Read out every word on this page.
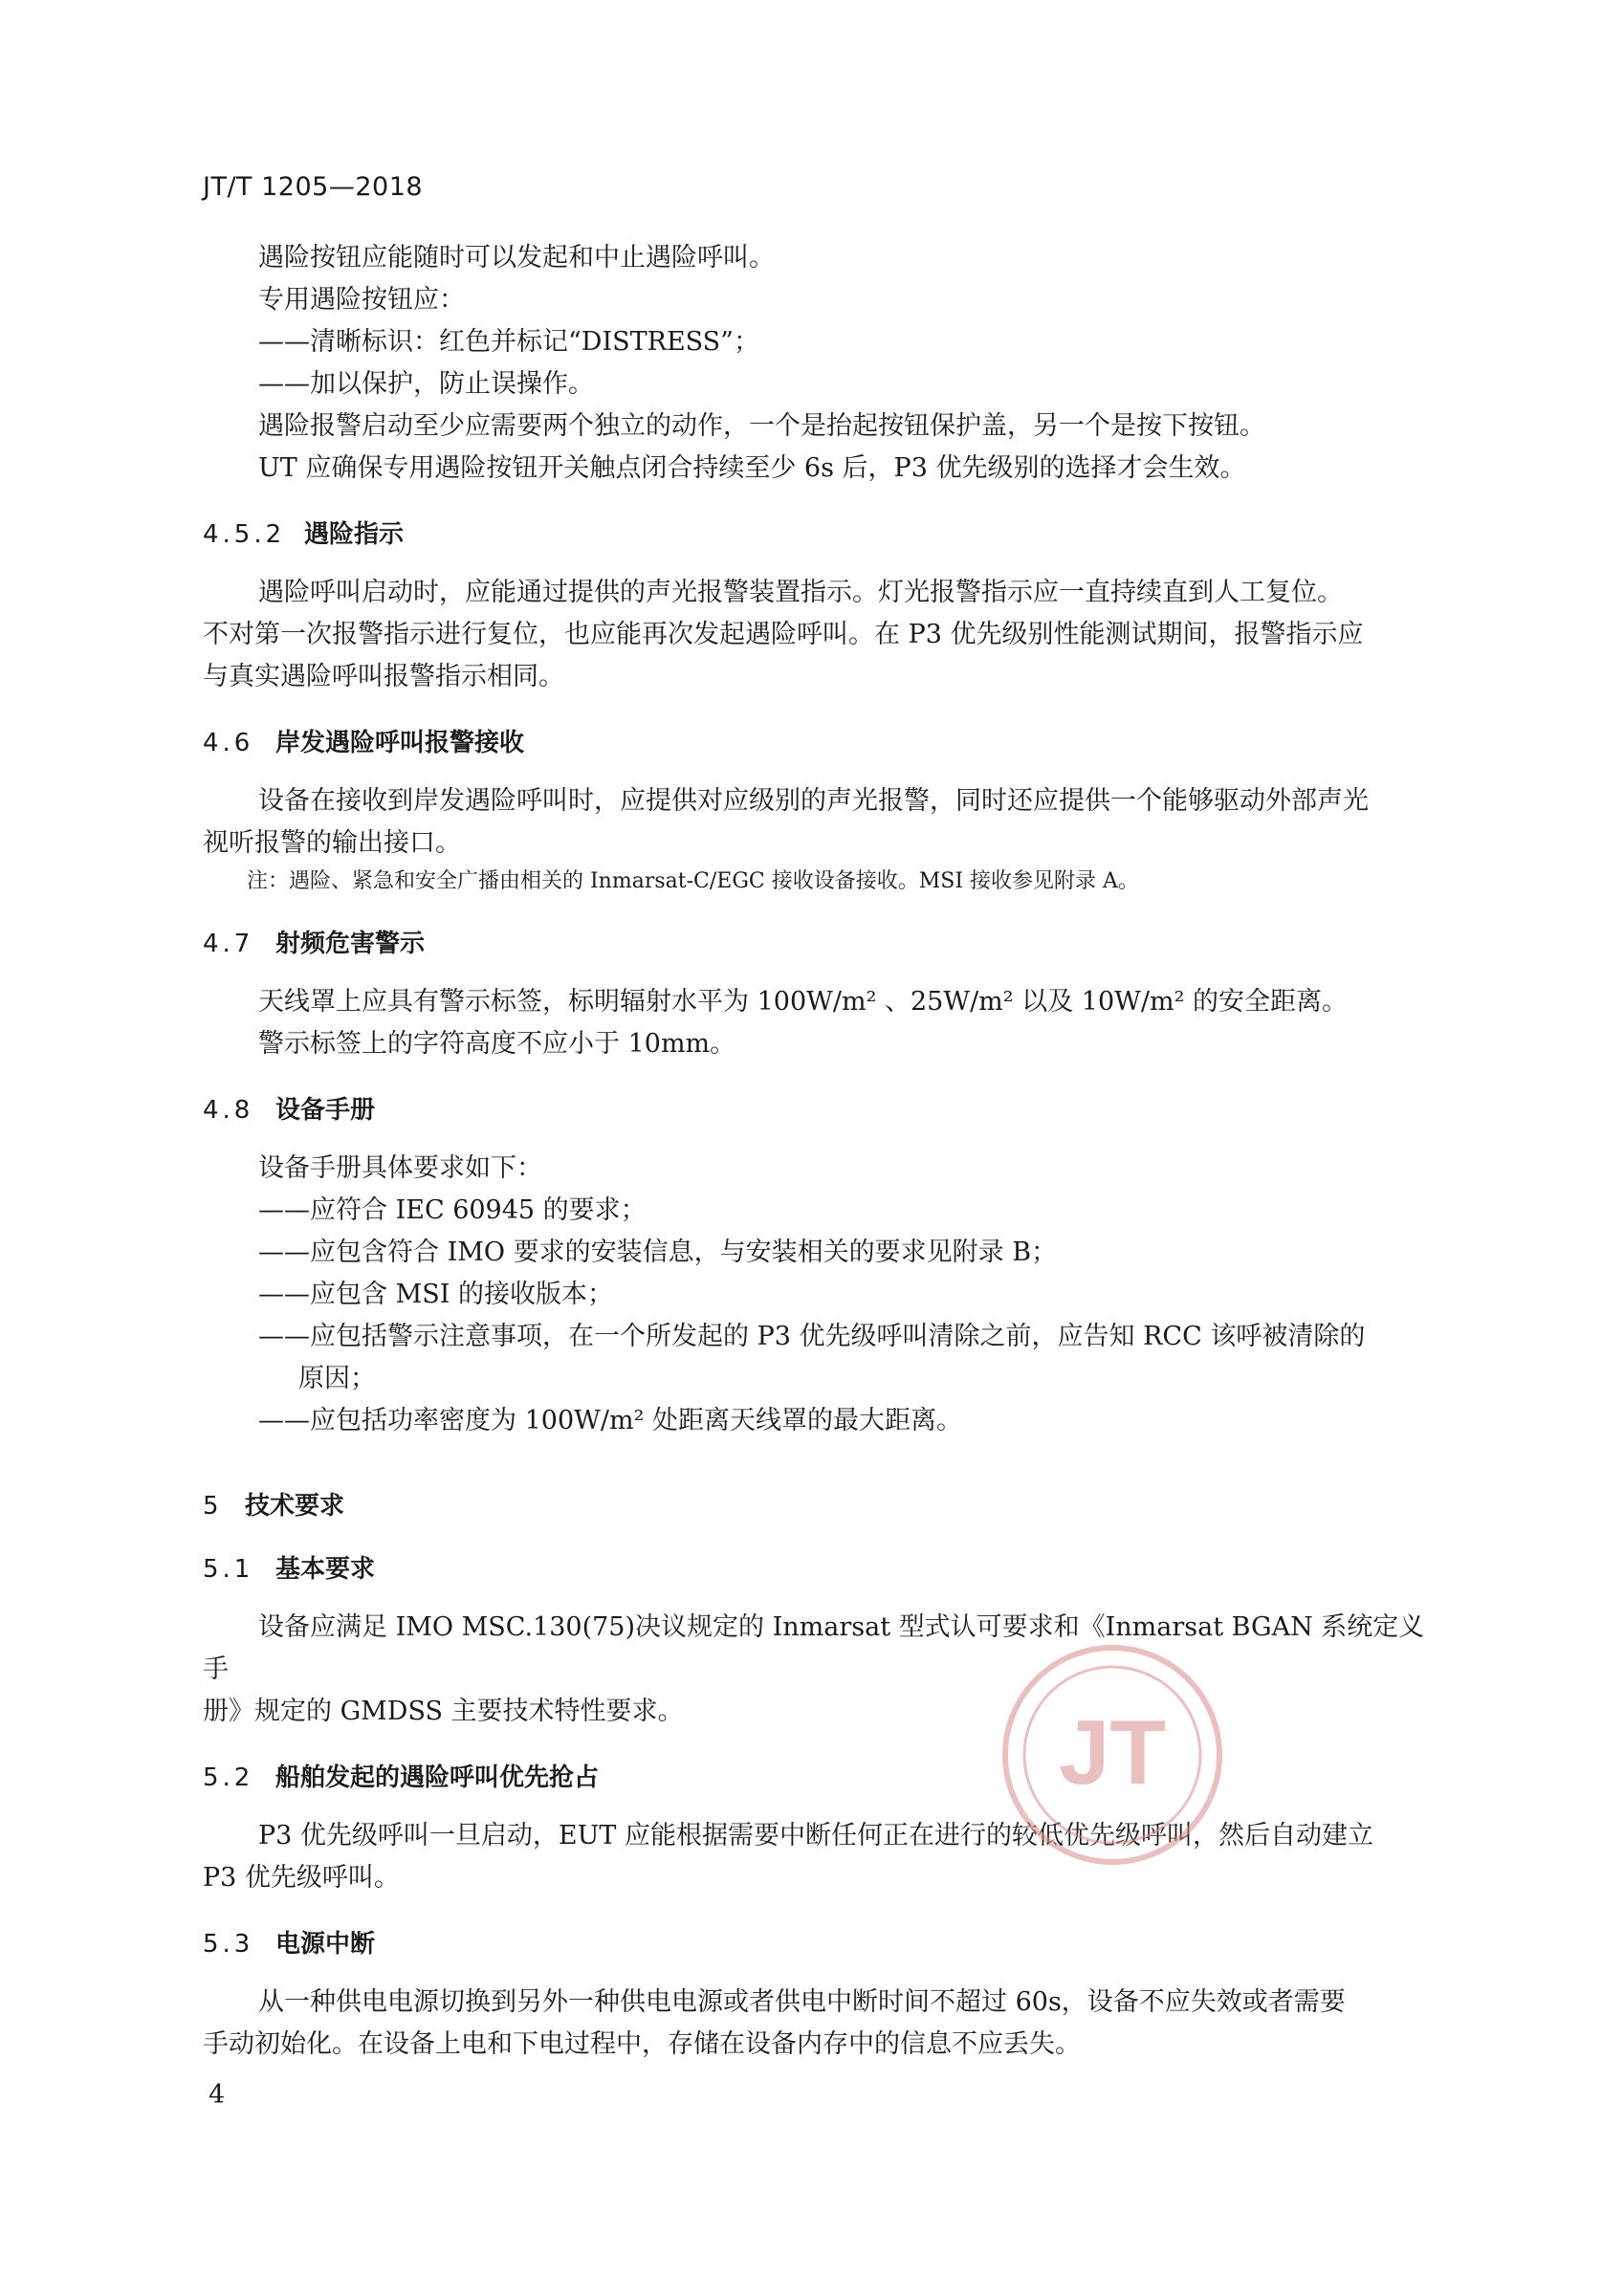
JT/T 1205—2018

遇险按钮应能随时可以发起和中止遇险呼叫。

专用遇险按钮应：

——清晰标识：红色并标记“DISTRESS”；

——加以保护，防止误操作。

遇险报警启动至少应需要两个独立的动作，一个是抬起按钮保护盖，另一个是按下按钮。

UT 应确保专用遇险按钮开关触点闭合持续至少 6s 后，P3 优先级别的选择才会生效。

4.5.2 遇险指示

遇险呼叫启动时，应能通过提供的声光报警装置指示。灯光报警指示应一直持续直到人工复位。

不对第一次报警指示进行复位，也应能再次发起遇险呼叫。在 P3 优先级别性能测试期间，报警指示应

与真实遇险呼叫报警指示相同。

4.6 岸发遇险呼叫报警接收

设备在接收到岸发遇险呼叫时，应提供对应级别的声光报警，同时还应提供一个能够驱动外部声光

视听报警的输出接口。

注：遇险、紧急和安全广播由相关的 Inmarsat-C/EGC 接收设备接收。MSI 接收参见附录 A。

4.7 射频危害警示

天线罩上应具有警示标签，标明辐射水平为 100W/m² 、25W/m² 以及 10W/m² 的安全距离。

警示标签上的字符高度不应小于 10mm。

4.8 设备手册

设备手册具体要求如下：

——应符合 IEC 60945 的要求；

——应包含符合 IMO 要求的安装信息，与安装相关的要求见附录 B；

——应包含 MSI 的接收版本；

——应包括警示注意事项，在一个所发起的 P3 优先级呼叫清除之前，应告知 RCC 该呼被清除的

原因；

——应包括功率密度为 100W/m² 处距离天线罩的最大距离。

5 技术要求
5.1 基本要求

设备应满足 IMO MSC.130(75)决议规定的 Inmarsat 型式认可要求和《Inmarsat BGAN 系统定义手

册》规定的 GMDSS 主要技术特性要求。

5.2 船舶发起的遇险呼叫优先抢占

P3 优先级呼叫一旦启动，EUT 应能根据需要中断任何正在进行的较低优先级呼叫，然后自动建立

P3 优先级呼叫。

5.3 电源中断

从一种供电电源切换到另外一种供电电源或者供电中断时间不超过 60s，设备不应失效或者需要

手动初始化。在设备上电和下电过程中，存储在设备内存中的信息不应丢失。

4
JT
